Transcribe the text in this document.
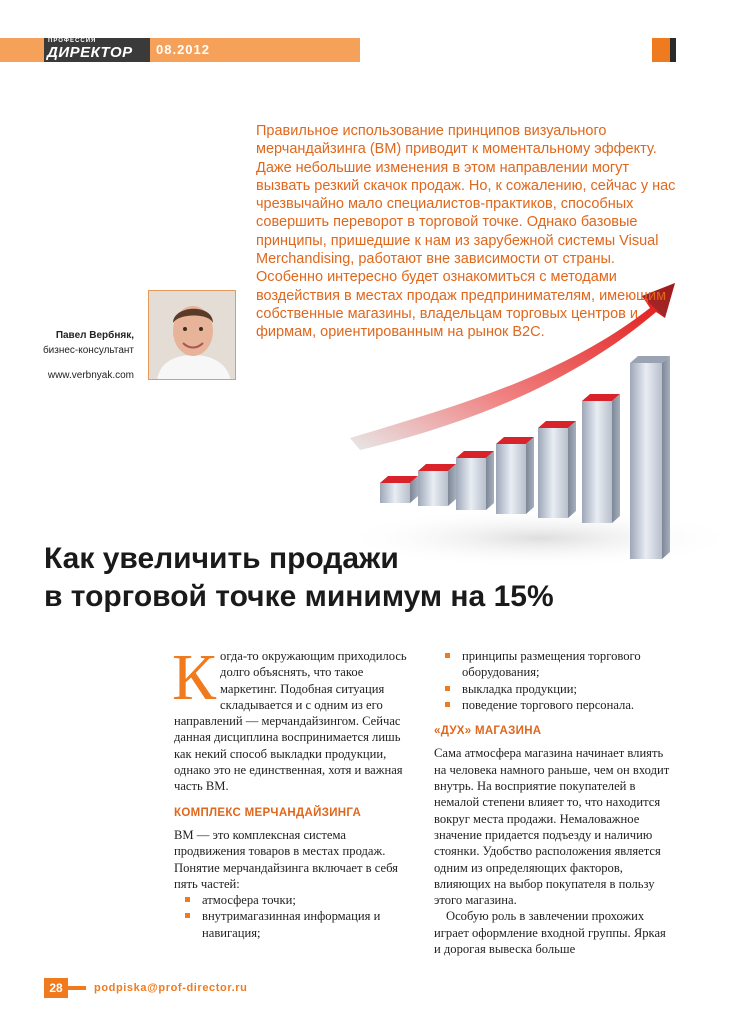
ПРОФЕССИЯ
ДИРЕКТОР 08.2012

Правильное использование принципов визуального мерчандайзинга (ВМ) приводит к моментальному эффекту. Даже небольшие изменения в этом направлении могут вызвать резкий скачок продаж. Но, к сожалению, сейчас у нас чрезвычайно мало специалистов-практиков, способных совершить переворот в торговой точке. Однако базовые принципы, пришедшие к нам из зарубежной системы Visual Merchandising, работают вне зависимости от страны. Особенно интересно будет ознакомиться с методами воздействия в местах продаж предпринимателям, имеющим собственные магазины, владельцам торговых центров и фирмам, ориентированным на рынок B2C.

Павел Вербняк,
бизнес-консультант
www.verbnyak.com
Как увеличить продажи
в торговой точке минимум на 15%

Когда-то окружающим приходилось долго объяснять, что такое маркетинг. Подобная ситуация складывается и с одним из его направлений — мерчандайзингом. Сейчас данная дисциплина воспринимается лишь как некий способ выкладки продукции, однако это не единственная, хотя и важная часть ВМ.

КОМПЛЕКС МЕРЧАНДАЙЗИНГА

ВМ — это комплексная система продвижения товаров в местах продаж. Понятие мерчандайзинга включает в себя пять частей:

атмосфера точки;
внутримагазинная информация и навигация;
принципы размещения торгового оборудования;
выкладка продукции;
поведение торгового персонала.
«ДУХ» МАГАЗИНА

Сама атмосфера магазина начинает влиять на человека намного раньше, чем он входит внутрь. На восприятие покупателей в немалой степени влияет то, что находится вокруг места продажи. Немаловажное значение придается подъезду и наличию стоянки. Удобство расположения является одним из определяющих факторов, влияющих на выбор покупателя в пользу этого магазина.

Особую роль в завлечении прохожих играет оформление входной группы. Яркая и дорогая вывеска больше

28	podpiska@prof-director.ru
